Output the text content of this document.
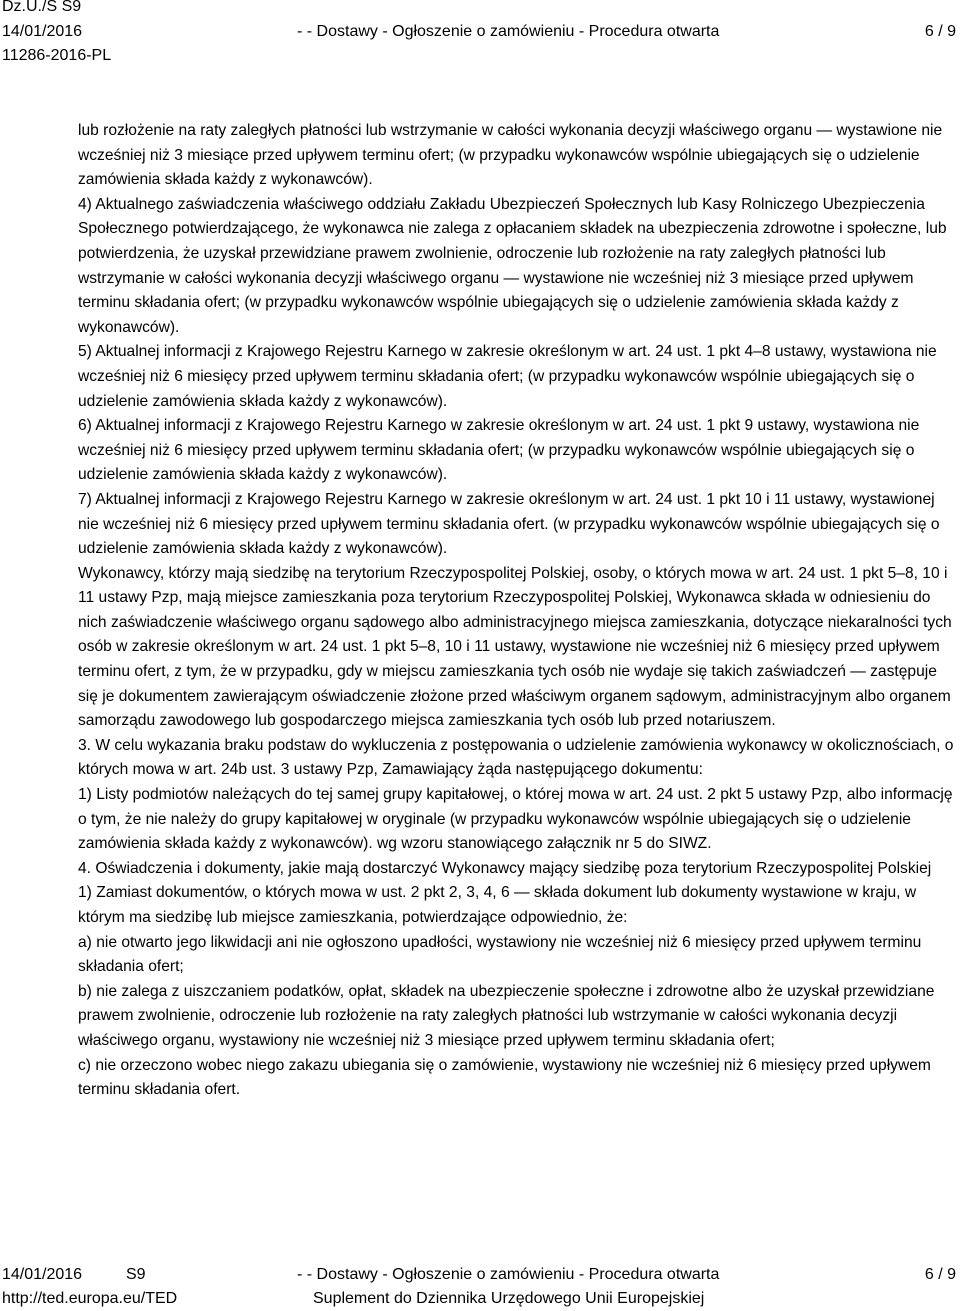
Dz.U./S S9
14/01/2016
11286-2016-PL
- - Dostawy - Ogłoszenie o zamówieniu - Procedura otwarta	6 / 9

lub rozłożenie na raty zaległych płatności lub wstrzymanie w całości wykonania decyzji właściwego organu — wystawione nie wcześniej niż 3 miesiące przed upływem terminu ofert; (w przypadku wykonawców wspólnie ubiegających się o udzielenie zamówienia składa każdy z wykonawców).

4) Aktualnego zaświadczenia właściwego oddziału Zakładu Ubezpieczeń Społecznych lub Kasy Rolniczego Ubezpieczenia Społecznego potwierdzającego, że wykonawca nie zalega z opłacaniem składek na ubezpieczenia zdrowotne i społeczne, lub potwierdzenia, że uzyskał przewidziane prawem zwolnienie, odroczenie lub rozłożenie na raty zaległych płatności lub wstrzymanie w całości wykonania decyzji właściwego organu — wystawione nie wcześniej niż 3 miesiące przed upływem terminu składania ofert; (w przypadku wykonawców wspólnie ubiegających się o udzielenie zamówienia składa każdy z wykonawców).

5) Aktualnej informacji z Krajowego Rejestru Karnego w zakresie określonym w art. 24 ust. 1 pkt 4–8 ustawy, wystawiona nie wcześniej niż 6 miesięcy przed upływem terminu składania ofert; (w przypadku wykonawców wspólnie ubiegających się o udzielenie zamówienia składa każdy z wykonawców).

6) Aktualnej informacji z Krajowego Rejestru Karnego w zakresie określonym w art. 24 ust. 1 pkt 9 ustawy, wystawiona nie wcześniej niż 6 miesięcy przed upływem terminu składania ofert; (w przypadku wykonawców wspólnie ubiegających się o udzielenie zamówienia składa każdy z wykonawców).

7) Aktualnej informacji z Krajowego Rejestru Karnego w zakresie określonym w art. 24 ust. 1 pkt 10 i 11 ustawy, wystawionej nie wcześniej niż 6 miesięcy przed upływem terminu składania ofert. (w przypadku wykonawców wspólnie ubiegających się o udzielenie zamówienia składa każdy z wykonawców).

Wykonawcy, którzy mają siedzibę na terytorium Rzeczypospolitej Polskiej, osoby, o których mowa w art. 24 ust. 1 pkt 5–8, 10 i 11 ustawy Pzp, mają miejsce zamieszkania poza terytorium Rzeczypospolitej Polskiej, Wykonawca składa w odniesieniu do nich zaświadczenie właściwego organu sądowego albo administracyjnego miejsca zamieszkania, dotyczące niekaralności tych osób w zakresie określonym w art. 24 ust. 1 pkt 5–8, 10 i 11 ustawy, wystawione nie wcześniej niż 6 miesięcy przed upływem terminu ofert, z tym, że w przypadku, gdy w miejscu zamieszkania tych osób nie wydaje się takich zaświadczeń — zastępuje się je dokumentem zawierającym oświadczenie złożone przed właściwym organem sądowym, administracyjnym albo organem samorządu zawodowego lub gospodarczego miejsca zamieszkania tych osób lub przed notariuszem.

3. W celu wykazania braku podstaw do wykluczenia z postępowania o udzielenie zamówienia wykonawcy w okolicznościach, o których mowa w art. 24b ust. 3 ustawy Pzp, Zamawiający żąda następującego dokumentu:

1) Listy podmiotów należących do tej samej grupy kapitałowej, o której mowa w art. 24 ust. 2 pkt 5 ustawy Pzp, albo informację o tym, że nie należy do grupy kapitałowej w oryginale (w przypadku wykonawców wspólnie ubiegających się o udzielenie zamówienia składa każdy z wykonawców). wg wzoru stanowiącego załącznik nr 5 do SIWZ.

4. Oświadczenia i dokumenty, jakie mają dostarczyć Wykonawcy mający siedzibę poza terytorium Rzeczypospolitej Polskiej

1) Zamiast dokumentów, o których mowa w ust. 2 pkt 2, 3, 4, 6 — składa dokument lub dokumenty wystawione w kraju, w którym ma siedzibę lub miejsce zamieszkania, potwierdzające odpowiednio, że:

a) nie otwarto jego likwidacji ani nie ogłoszono upadłości, wystawiony nie wcześniej niż 6 miesięcy przed upływem terminu składania ofert;

b) nie zalega z uiszczaniem podatków, opłat, składek na ubezpieczenie społeczne i zdrowotne albo że uzyskał przewidziane prawem zwolnienie, odroczenie lub rozłożenie na raty zaległych płatności lub wstrzymanie w całości wykonania decyzji właściwego organu, wystawiony nie wcześniej niż 3 miesiące przed upływem terminu składania ofert;

c) nie orzeczono wobec niego zakazu ubiegania się o zamówienie, wystawiony nie wcześniej niż 6 miesięcy przed upływem terminu składania ofert.

14/01/2016	S9
http://ted.europa.eu/TED
- - Dostawy - Ogłoszenie o zamówieniu - Procedura otwarta
Suplement do Dziennika Urzędowego Unii Europejskiej
6 / 9
